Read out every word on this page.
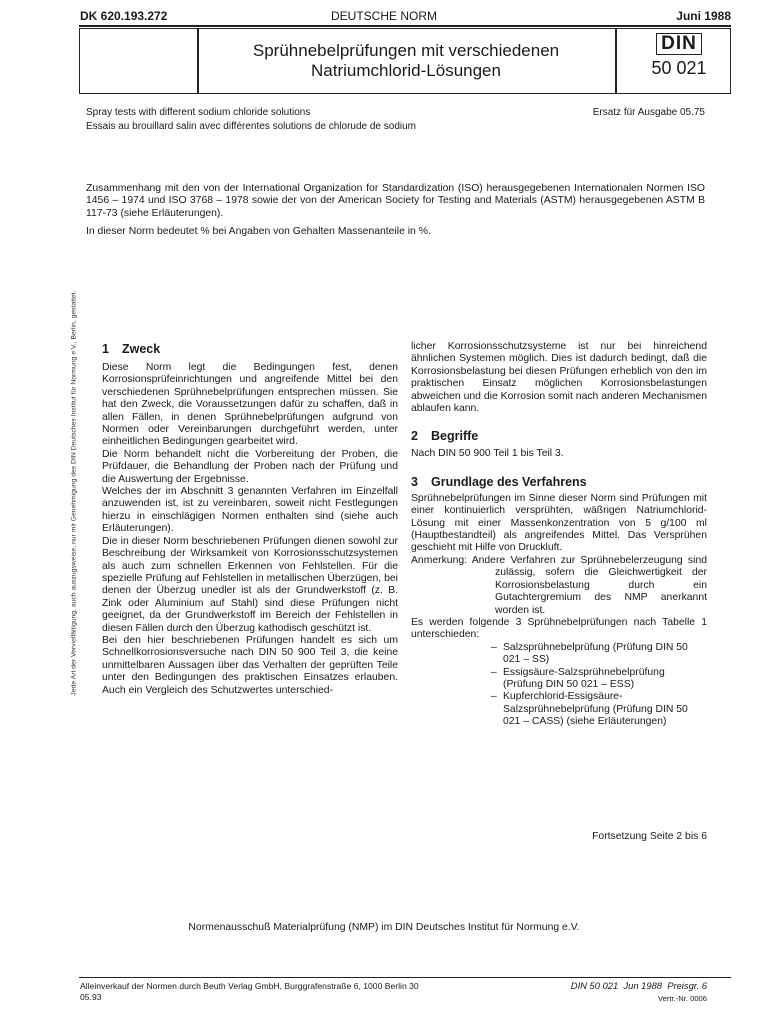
DK 620.193.272	DEUTSCHE NORM	Juni 1988
Sprühnebelprüfungen mit verschiedenen
Natriumchlorid-Lösungen
DIN
50 021
Spray tests with different sodium chloride solutions
Essais au brouillard salin avec différentes solutions de chlorude de sodium
Ersatz für Ausgabe 05.75
Zusammenhang mit den von der International Organization for Standardization (ISO) herausgegebenen Internationalen Normen ISO 1456 – 1974 und ISO 3768 – 1978 sowie der von der American Society for Testing and Materials (ASTM) herausgegebenen ASTM B 117-73 (siehe Erläuterungen).
In dieser Norm bedeutet % bei Angaben von Gehalten Massenanteile in %.
Jede Art der Vervielfältigung, auch auszugsweise, nur mit Genehmigung des DIN Deutsches Institut für Normung e.V., Berlin, gestattet. 1 Zweck

Diese Norm legt die Bedingungen fest, denen Korrosionsprüfeinrichtungen und angreifende Mittel bei den verschiedenen Sprühnebelprüfungen entsprechen müssen. Sie hat den Zweck, die Voraussetzungen dafür zu schaffen, daß in allen Fällen, in denen Sprühnebelprüfungen aufgrund von Normen oder Vereinbarungen durchgeführt werden, unter einheitlichen Bedingungen gearbeitet wird.

Die Norm behandelt nicht die Vorbereitung der Proben, die Prüfdauer, die Behandlung der Proben nach der Prüfung und die Auswertung der Ergebnisse.

Welches der im Abschnitt 3 genannten Verfahren im Einzelfall anzuwenden ist, ist zu vereinbaren, soweit nicht Festlegungen hierzu in einschlägigen Normen enthalten sind (siehe auch Erläuterungen).

Die in dieser Norm beschriebenen Prüfungen dienen sowohl zur Beschreibung der Wirksamkeit von Korrosionsschutzsystemen als auch zum schnellen Erkennen von Fehlstellen. Für die spezielle Prüfung auf Fehlstellen in metallischen Überzügen, bei denen der Überzug unedler ist als der Grundwerkstoff (z. B. Zink oder Aluminium auf Stahl) sind diese Prüfungen nicht geeignet, da der Grundwerkstoff im Bereich der Fehlstellen in diesen Fällen durch den Überzug kathodisch geschützt ist.

Bei den hier beschriebenen Prüfungen handelt es sich um Schnellkorrosionsversuche nach DIN 50 900 Teil 3, die keine unmittelbaren Aussagen über das Verhalten der geprüften Teile unter den Bedingungen des praktischen Einsatzes erlauben. Auch ein Vergleich des Schutzwertes unterschied-

licher Korrosionsschutzsysteme ist nur bei hinreichend ähnlichen Systemen möglich. Dies ist dadurch bedingt, daß die Korrosionsbelastung bei diesen Prüfungen erheblich von den im praktischen Einsatz möglichen Korrosionsbelastungen abweichen und die Korrosion somit nach anderen Mechanismen ablaufen kann.

2 Begriffe

Nach DIN 50 900 Teil 1 bis Teil 3.

3 Grundlage des Verfahrens

Sprühnebelprüfungen im Sinne dieser Norm sind Prüfungen mit einer kontinuierlich versprühten, wäßrigen Natriumchlorid-Lösung mit einer Massenkonzentration von 5 g/100 ml (Hauptbestandteil) als angreifendes Mittel. Das Versprühen geschieht mit Hilfe von Druckluft.

Anmerkung: Andere Verfahren zur Sprühnebelerzeugung sind zulässig, sofern die Gleichwertigkeit der Korrosionsbelastung durch ein Gutachtergremium des NMP anerkannt worden ist.

Es werden folgende 3 Sprühnebelprüfungen nach Tabelle 1 unterschieden:

– Salzsprühnebelprüfung (Prüfung DIN 50 021 – SS)
– Essigsäure-Salzsprühnebelprüfung (Prüfung DIN 50 021 – ESS)
– Kupferchlorid-Essigsäure-Salzsprühnebelprüfung (Prüfung DIN 50 021 – CASS) (siehe Erläuterungen)
Fortsetzung Seite 2 bis 6
Normenausschuß Materialprüfung (NMP) im DIN Deutsches Institut für Normung e.V.
Alleinverkauf der Normen durch Beuth Verlag GmbH, Burggrafenstraße 6, 1000 Berlin 30
05.93
DIN 50 021  Jun 1988  Preisgr. 6
Vertr.-Nr. 0006
